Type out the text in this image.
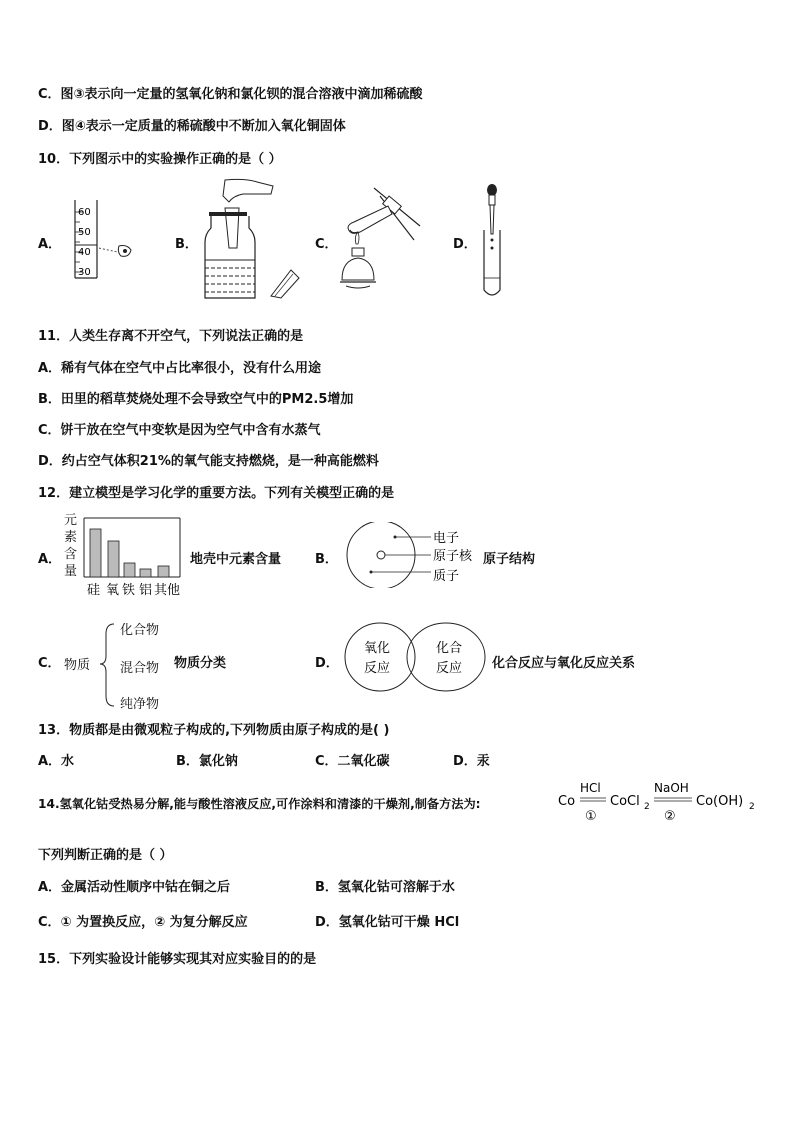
C．图③表示向一定量的氢氧化钠和氯化钡的混合溶液中滴加稀硫酸
D．图④表示一定质量的稀硫酸中不断加入氧化铜固体
10．下列图示中的实验操作正确的是（ ）
A．
60
50
40
30
B．	C．	D．
11．人类生存离不开空气，下列说法正确的是
A．稀有气体在空气中占比率很小，没有什么用途
B．田里的稻草焚烧处理不会导致空气中的PM2.5增加
C．饼干放在空气中变软是因为空气中含有水蒸气
D．约占空气体积21%的氧气能支持燃烧，是一种高能燃料
12．建立模型是学习化学的重要方法。下列有关模型正确的是
A．
元
素
含
量
硅 氧 铁 铝 其他
地壳中元素含量	B．
电子
原子核
质子
原子结构
C． 物质
化合物
混合物
纯净物
物质分类	D．
氧化
反应
化合
反应 化合反应与氧化反应关系
13．物质都是由微观粒子构成的,下列物质由原子构成的是( )
A．水	B．氯化钠	C．二氧化碳	D．汞
14.氢氧化钴受热易分解,能与酸性溶液反应,可作涂料和清漆的干燥剂,制备方法为:	Co
HCl
①
CoCl 2
NaOH
②
Co(OH) 2
下列判断正确的是（ ）
A．金属活动性顺序中钴在铜之后	B．氢氧化钴可溶解于水
C．① 为置换反应，② 为复分解反应	D．氢氧化钴可干燥 HCl
15．下列实验设计能够实现其对应实验目的的是
